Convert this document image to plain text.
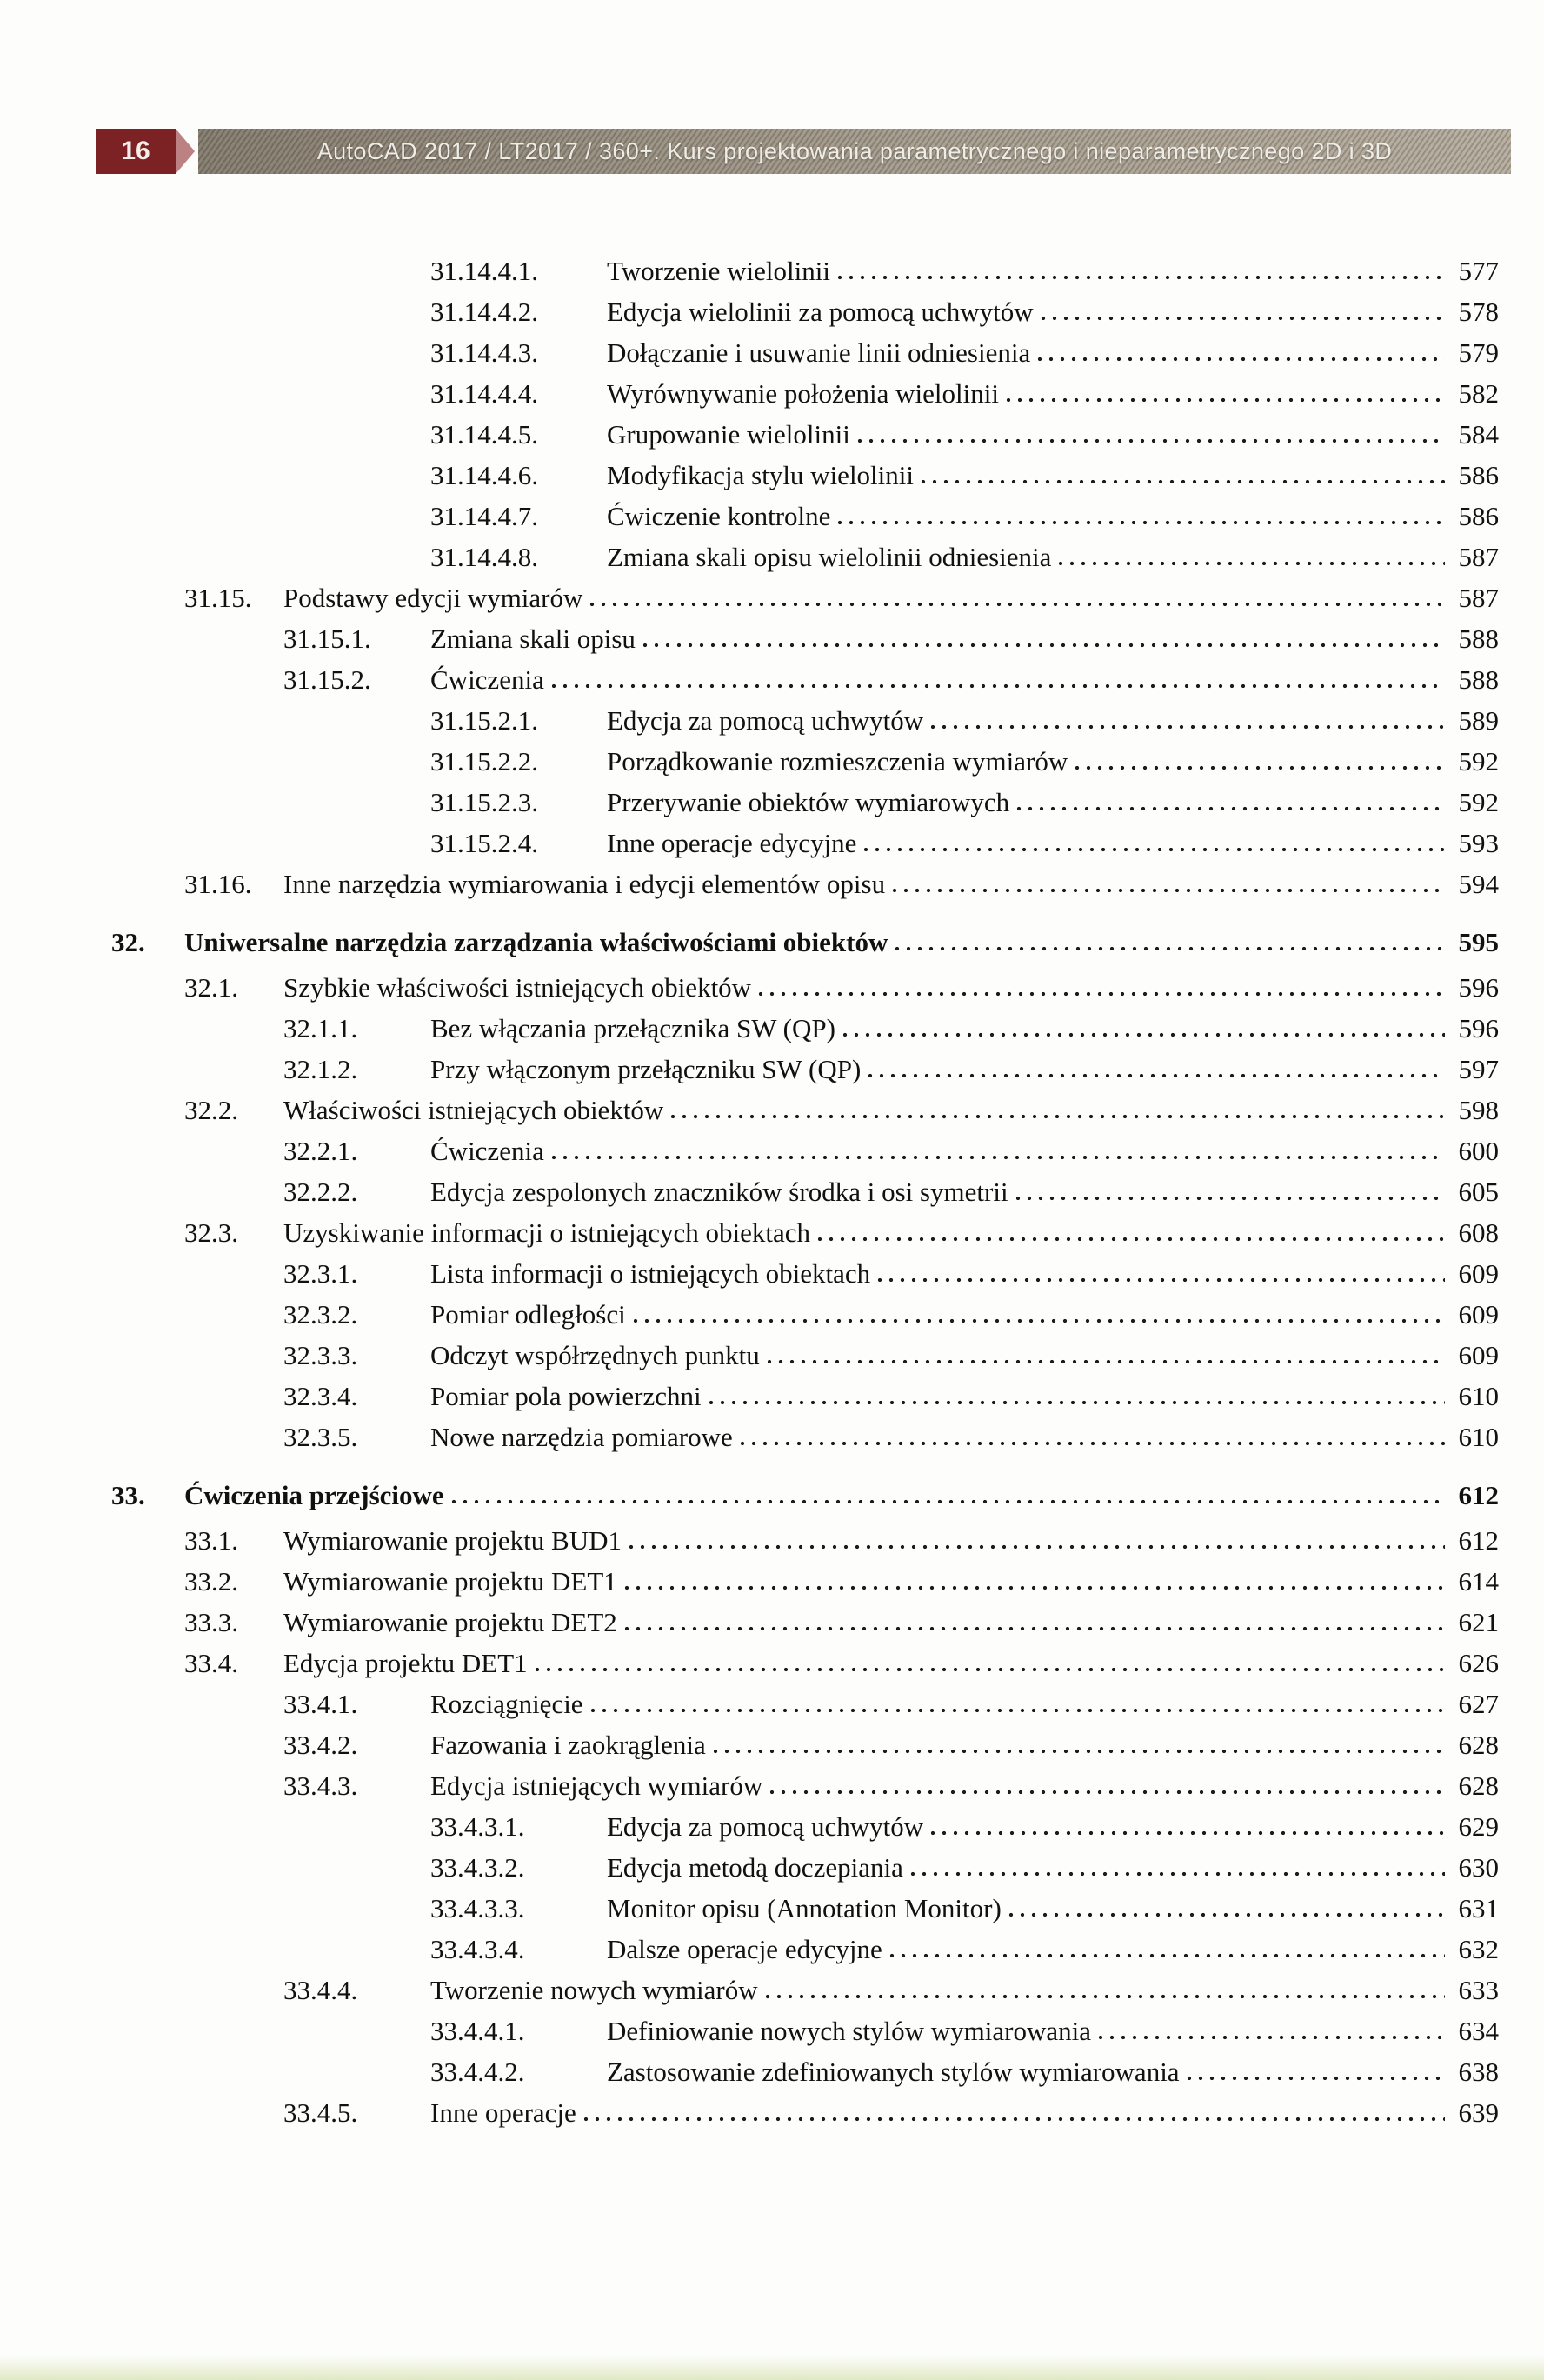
16	AutoCAD 2017 / LT2017 / 360+. Kurs projektowania parametrycznego i nieparametrycznego 2D i 3D
31.14.4.1.	Tworzenie wielolinii	577
31.14.4.2.	Edycja wielolinii za pomocą uchwytów	578
31.14.4.3.	Dołączanie i usuwanie linii odniesienia	579
31.14.4.4.	Wyrównywanie położenia wielolinii	582
31.14.4.5.	Grupowanie wielolinii	584
31.14.4.6.	Modyfikacja stylu wielolinii	586
31.14.4.7.	Ćwiczenie kontrolne	586
31.14.4.8.	Zmiana skali opisu wielolinii odniesienia	587
31.15.	Podstawy edycji wymiarów	587
31.15.1.	Zmiana skali opisu	588
31.15.2.	Ćwiczenia	588
31.15.2.1.	Edycja za pomocą uchwytów	589
31.15.2.2.	Porządkowanie rozmieszczenia wymiarów	592
31.15.2.3.	Przerywanie obiektów wymiarowych	592
31.15.2.4.	Inne operacje edycyjne	593
31.16.	Inne narzędzia wymiarowania i edycji elementów opisu	594
32.	Uniwersalne narzędzia zarządzania właściwościami obiektów	595
32.1.	Szybkie właściwości istniejących obiektów	596
32.1.1.	Bez włączania przełącznika SW (QP)	596
32.1.2.	Przy włączonym przełączniku SW (QP)	597
32.2.	Właściwości istniejących obiektów	598
32.2.1.	Ćwiczenia	600
32.2.2.	Edycja zespolonych znaczników środka i osi symetrii	605
32.3.	Uzyskiwanie informacji o istniejących obiektach	608
32.3.1.	Lista informacji o istniejących obiektach	609
32.3.2.	Pomiar odległości	609
32.3.3.	Odczyt współrzędnych punktu	609
32.3.4.	Pomiar pola powierzchni	610
32.3.5.	Nowe narzędzia pomiarowe	610
33.	Ćwiczenia przejściowe	612
33.1.	Wymiarowanie projektu BUD1	612
33.2.	Wymiarowanie projektu DET1	614
33.3.	Wymiarowanie projektu DET2	621
33.4.	Edycja projektu DET1	626
33.4.1.	Rozciągnięcie	627
33.4.2.	Fazowania i zaokrąglenia	628
33.4.3.	Edycja istniejących wymiarów	628
33.4.3.1.	Edycja za pomocą uchwytów	629
33.4.3.2.	Edycja metodą doczepiania	630
33.4.3.3.	Monitor opisu (Annotation Monitor)	631
33.4.3.4.	Dalsze operacje edycyjne	632
33.4.4.	Tworzenie nowych wymiarów	633
33.4.4.1.	Definiowanie nowych stylów wymiarowania	634
33.4.4.2.	Zastosowanie zdefiniowanych stylów wymiarowania	638
33.4.5.	Inne operacje	639
